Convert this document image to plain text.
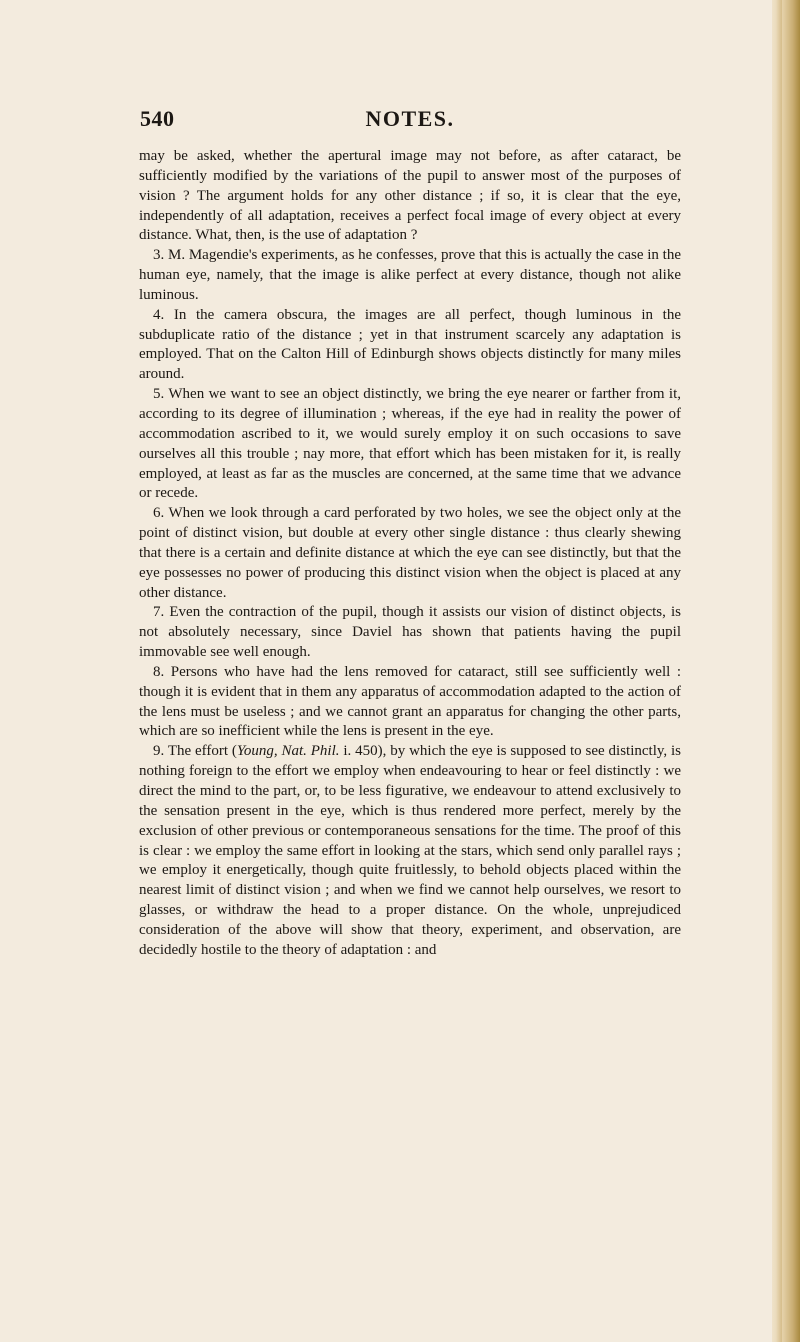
540	NOTES.

may be asked, whether the apertural image may not before, as after cataract, be sufficiently modified by the variations of the pupil to answer most of the purposes of vision ? The argument holds for any other distance ; if so, it is clear that the eye, independently of all adaptation, receives a perfect focal image of every object at every distance. What, then, is the use of adaptation ?

3. M. Magendie's experiments, as he confesses, prove that this is actually the case in the human eye, namely, that the image is alike perfect at every distance, though not alike luminous.

4. In the camera obscura, the images are all perfect, though luminous in the subduplicate ratio of the distance ; yet in that instrument scarcely any adaptation is employed. That on the Calton Hill of Edinburgh shows objects distinctly for many miles around.

5. When we want to see an object distinctly, we bring the eye nearer or farther from it, according to its degree of illumination ; whereas, if the eye had in reality the power of accommodation ascribed to it, we would surely employ it on such occasions to save ourselves all this trouble ; nay more, that effort which has been mistaken for it, is really employed, at least as far as the muscles are concerned, at the same time that we advance or recede.

6. When we look through a card perforated by two holes, we see the object only at the point of distinct vision, but double at every other single distance : thus clearly shewing that there is a certain and definite distance at which the eye can see distinctly, but that the eye possesses no power of producing this distinct vision when the object is placed at any other distance.

7. Even the contraction of the pupil, though it assists our vision of distinct objects, is not absolutely necessary, since Daviel has shown that patients having the pupil immovable see well enough.

8. Persons who have had the lens removed for cataract, still see sufficiently well : though it is evident that in them any apparatus of accommodation adapted to the action of the lens must be useless ; and we cannot grant an apparatus for changing the other parts, which are so inefficient while the lens is present in the eye.

9. The effort (Young, Nat. Phil. i. 450), by which the eye is supposed to see distinctly, is nothing foreign to the effort we employ when endeavouring to hear or feel distinctly : we direct the mind to the part, or, to be less figurative, we endeavour to attend exclusively to the sensation present in the eye, which is thus rendered more perfect, merely by the exclusion of other previous or contemporaneous sensations for the time. The proof of this is clear : we employ the same effort in looking at the stars, which send only parallel rays ; we employ it energetically, though quite fruitlessly, to behold objects placed within the nearest limit of distinct vision ; and when we find we cannot help ourselves, we resort to glasses, or withdraw the head to a proper distance. On the whole, unprejudiced consideration of the above will show that theory, experiment, and observation, are decidedly hostile to the theory of adaptation : and
